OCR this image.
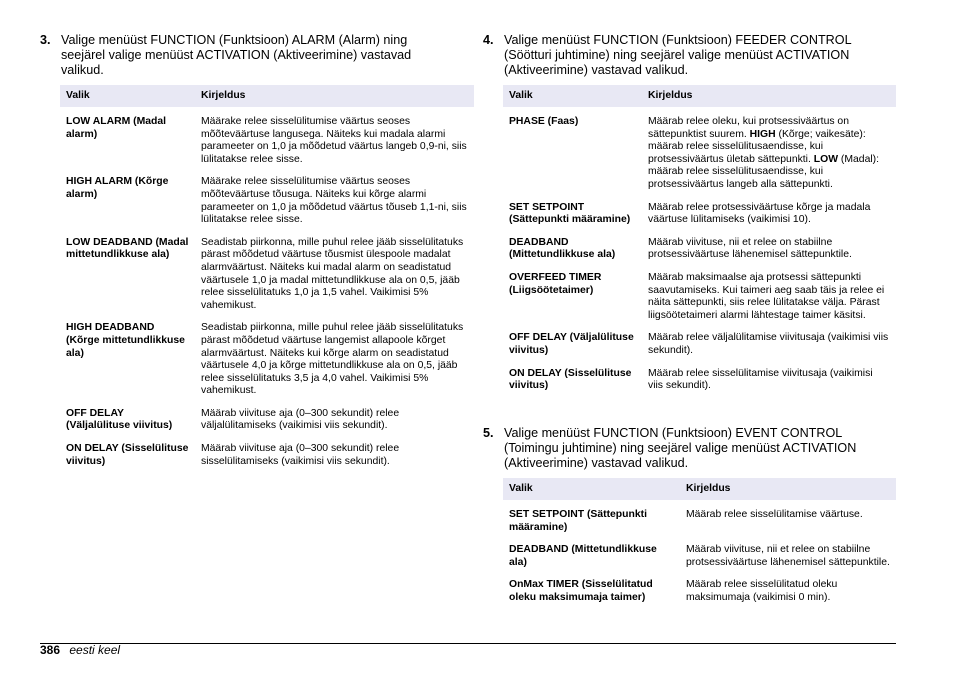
3. Valige menüüst FUNCTION (Funktsioon) ALARM (Alarm) ning seejärel valige menüüst ACTIVATION (Aktiveerimine) vastavad valikud.
Valik	Kirjeldus
LOW ALARM (Madal alarm)	Määrake relee sisselülitumise väärtus seoses mõõteväärtuse langusega. Näiteks kui madala alarmi parameeter on 1,0 ja mõõdetud väärtus langeb 0,9-ni, siis lülitatakse relee sisse.
HIGH ALARM (Kõrge alarm)	Määrake relee sisselülitumise väärtus seoses mõõteväärtuse tõusuga. Näiteks kui kõrge alarmi parameeter on 1,0 ja mõõdetud väärtus tõuseb 1,1-ni, siis lülitatakse relee sisse.
LOW DEADBAND (Madal mittetundlikkuse ala)	Seadistab piirkonna, mille puhul relee jääb sisselülitatuks pärast mõõdetud väärtuse tõusmist ülespoole madalat alarmväärtust. Näiteks kui madal alarm on seadistatud väärtusele 1,0 ja madal mittetundlikkuse ala on 0,5, jääb relee sisselülitatuks 1,0 ja 1,5 vahel. Vaikimisi 5% vahemikust.
HIGH DEADBAND (Kõrge mittetundlikkuse ala)	Seadistab piirkonna, mille puhul relee jääb sisselülitatuks pärast mõõdetud väärtuse langemist allapoole kõrget alarmväärtust. Näiteks kui kõrge alarm on seadistatud väärtusele 4,0 ja kõrge mittetundlikkuse ala on 0,5, jääb relee sisselülitatuks 3,5 ja 4,0 vahel. Vaikimisi 5% vahemikust.
OFF DELAY (Väljalülituse viivitus)	Määrab viivituse aja (0–300 sekundit) relee väljalülitamiseks (vaikimisi viis sekundit).
ON DELAY (Sisselülituse viivitus)	Määrab viivituse aja (0–300 sekundit) relee sisselülitamiseks (vaikimisi viis sekundit).
4. Valige menüüst FUNCTION (Funktsioon) FEEDER CONTROL (Söötturi juhtimine) ning seejärel valige menüüst ACTIVATION (Aktiveerimine) vastavad valikud.
Valik	Kirjeldus
PHASE (Faas)	Määrab relee oleku, kui protsessiväärtus on sättepunktist suurem. HIGH (Kõrge; vaikesäte): määrab relee sisselülitusaendisse, kui protsessiväärtus ületab sättepunkti. LOW (Madal): määrab relee sisselülitusaendisse, kui protsessiväärtus langeb alla sättepunkti.
SET SETPOINT (Sättepunkti määramine)	Määrab relee protsessiväärtuse kõrge ja madala väärtuse lülitamiseks (vaikimisi 10).
DEADBAND (Mittetundlikkuse ala)	Määrab viivituse, nii et relee on stabiilne protsessiväärtuse lähenemisel sättepunktile.
OVERFEED TIMER (Liigsöötetaimer)	Määrab maksimaalse aja protsessi sättepunkti saavutamiseks. Kui taimeri aeg saab täis ja relee ei näita sättepunkti, siis relee lülitatakse välja. Pärast liigsöötetaimeri alarmi lähtestage taimer käsitsi.
OFF DELAY (Väljalülituse viivitus)	Määrab relee väljalülitamise viivitusaja (vaikimisi viis sekundit).
ON DELAY (Sisselülituse viivitus)	Määrab relee sisselülitamise viivitusaja (vaikimisi viis sekundit).
5. Valige menüüst FUNCTION (Funktsioon) EVENT CONTROL (Toimingu juhtimine) ning seejärel valige menüüst ACTIVATION (Aktiveerimine) vastavad valikud.
Valik	Kirjeldus
SET SETPOINT (Sättepunkti määramine)	Määrab relee sisselülitamise väärtuse.
DEADBAND (Mittetundlikkuse ala)	Määrab viivituse, nii et relee on stabiilne protsessiväärtuse lähenemisel sättepunktile.
OnMax TIMER (Sisselülitatud oleku maksimumaja taimer)	Määrab relee sisselülitatud oleku maksimumaja (vaikimisi 0 min).
386 eesti keel
